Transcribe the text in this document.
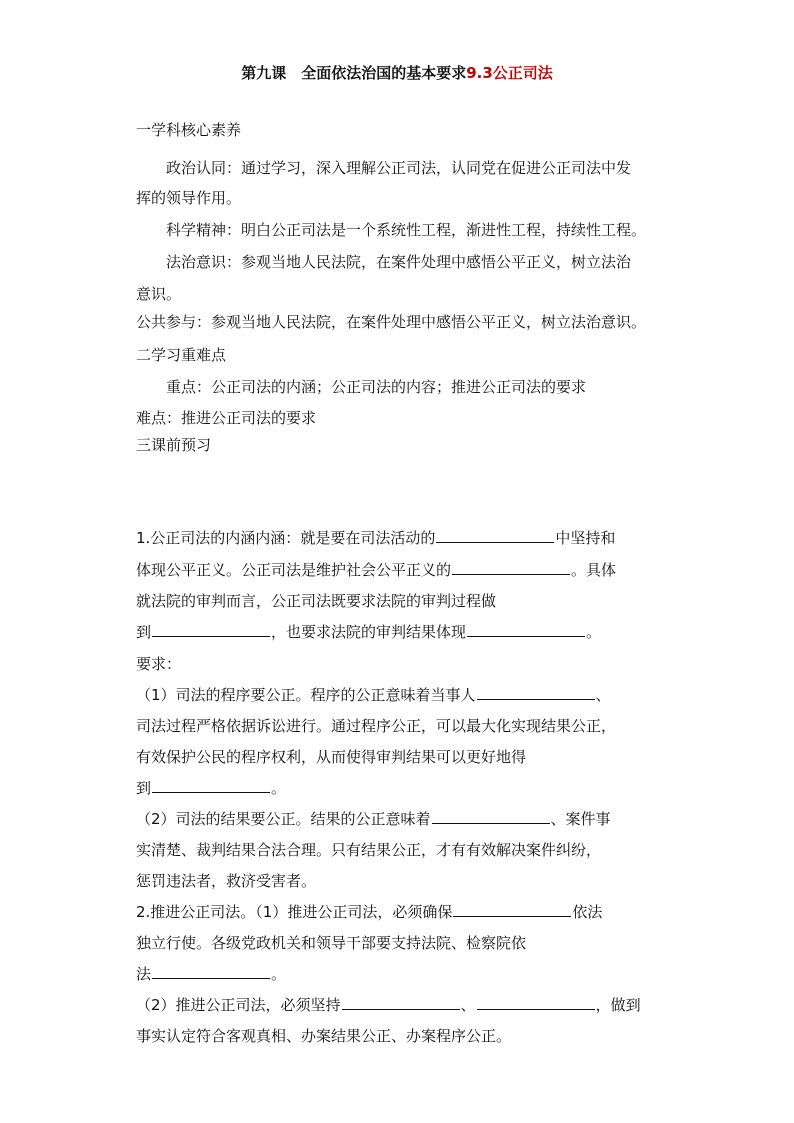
第九课　全面依法治国的基本要求9.3公正司法
一学科核心素养
政治认同：通过学习，深入理解公正司法，认同党在促进公正司法中发
挥的领导作用。
科学精神：明白公正司法是一个系统性工程，渐进性工程，持续性工程。
法治意识：参观当地人民法院，在案件处理中感悟公平正义，树立法治
意识。
公共参与：参观当地人民法院，在案件处理中感悟公平正义，树立法治意识。
二学习重难点
重点：公正司法的内涵；公正司法的内容；推进公正司法的要求
难点：推进公正司法的要求
三课前预习
1.公正司法的内涵内涵：就是要在司法活动的	中坚持和
体现公平正义。公正司法是维护社会公平正义的	。具体
就法院的审判而言，公正司法既要求法院的审判过程做
到	，也要求法院的审判结果体现	。
要求：
（1）司法的程序要公正。程序的公正意味着当事人	、
司法过程严格依据诉讼进行。通过程序公正，可以最大化实现结果公正，
有效保护公民的程序权利，从而使得审判结果可以更好地得
到	。
（2）司法的结果要公正。结果的公正意味着	、案件事
实清楚、裁判结果合法合理。只有结果公正，才有有效解决案件纠纷，
惩罚违法者，救济受害者。
2.推进公正司法。（1）推进公正司法，必须确保	依法
独立行使。各级党政机关和领导干部要支持法院、检察院依
法	。
（2）推进公正司法，必须坚持	、	，做到
事实认定符合客观真相、办案结果公正、办案程序公正。
